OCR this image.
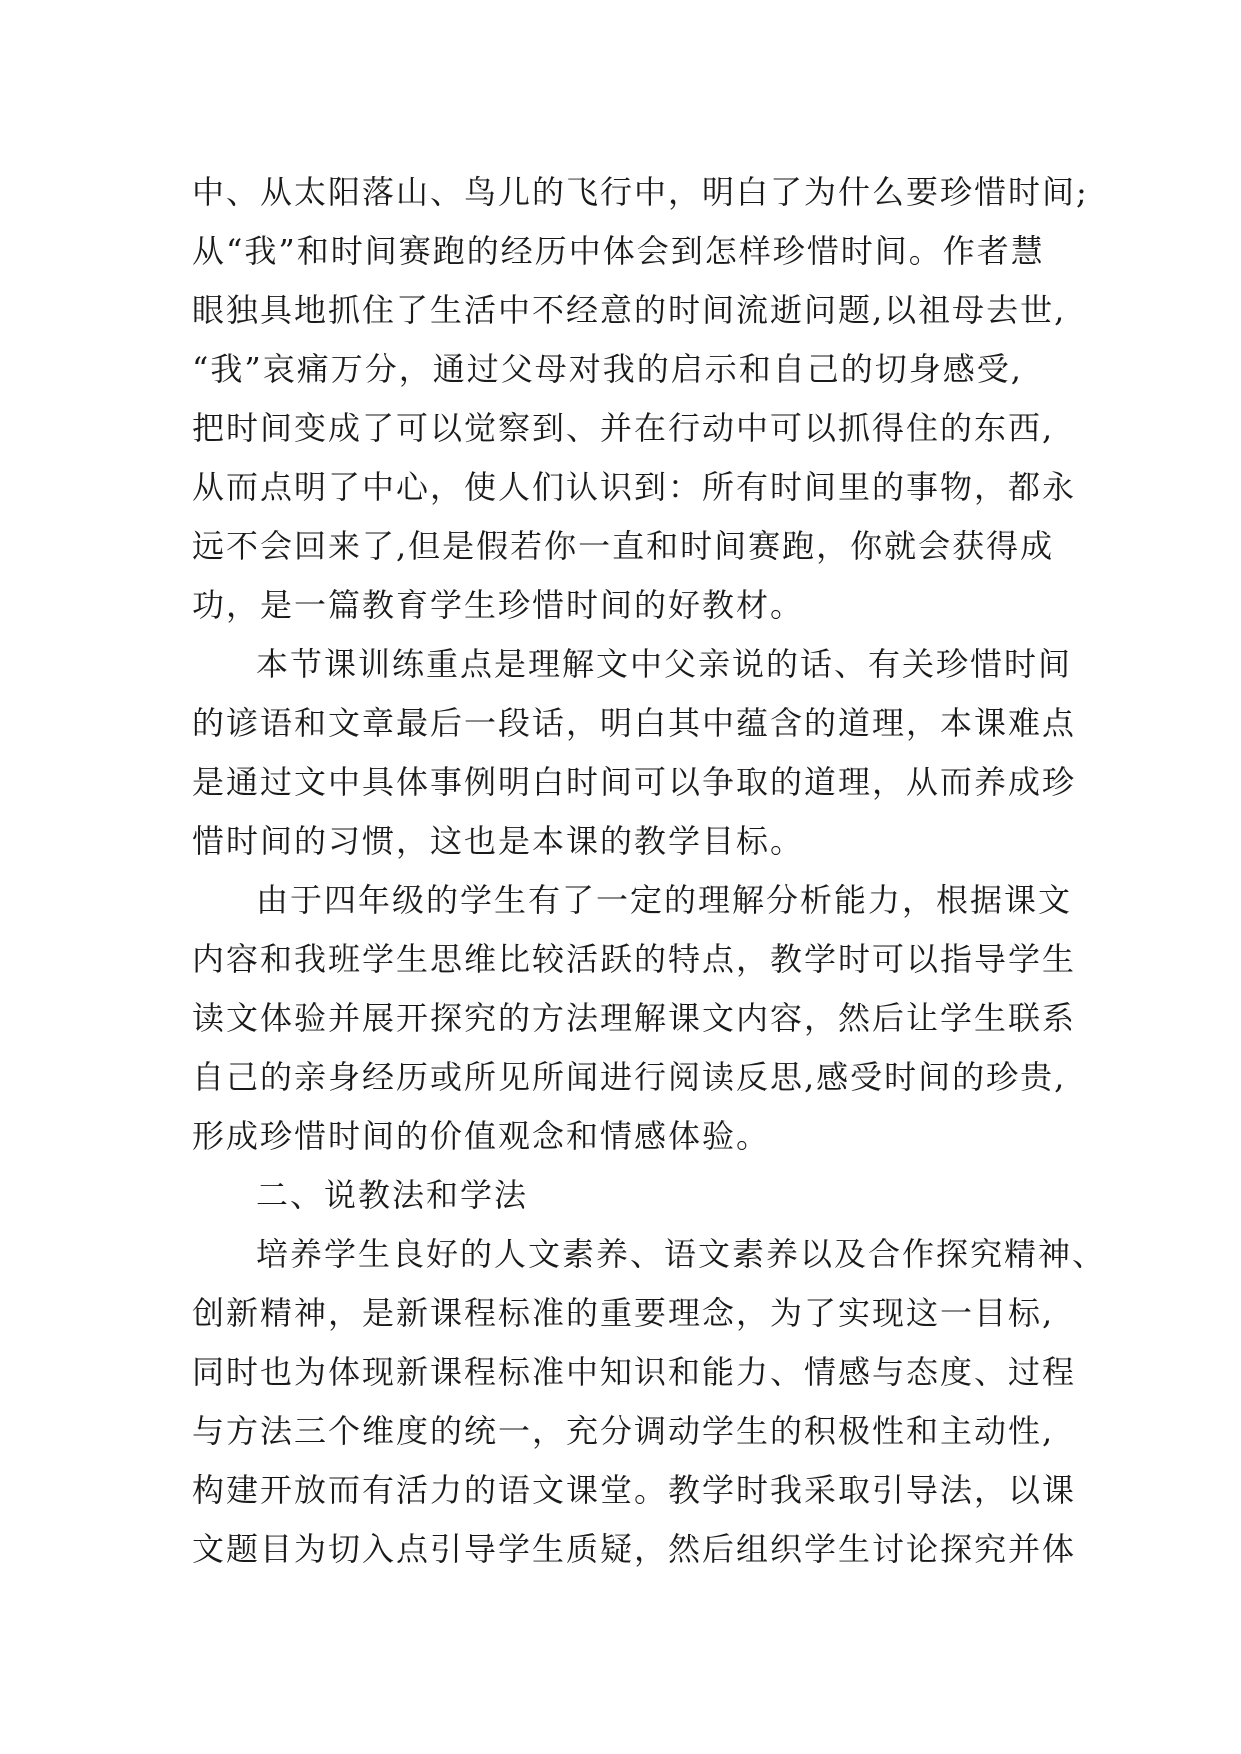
中、从太阳落山、鸟儿的飞行中，明白了为什么要珍惜时间;
从“我”和时间赛跑的经历中体会到怎样珍惜时间。作者慧
眼独具地抓住了生活中不经意的时间流逝问题,以祖母去世,
“我”哀痛万分，通过父母对我的启示和自己的切身感受,
把时间变成了可以觉察到、并在行动中可以抓得住的东西,
从而点明了中心，使人们认识到：所有时间里的事物，都永
远不会回来了,但是假若你一直和时间赛跑，你就会获得成
功，是一篇教育学生珍惜时间的好教材。
本节课训练重点是理解文中父亲说的话、有关珍惜时间
的谚语和文章最后一段话，明白其中蕴含的道理，本课难点
是通过文中具体事例明白时间可以争取的道理，从而养成珍
惜时间的习惯，这也是本课的教学目标。
由于四年级的学生有了一定的理解分析能力，根据课文
内容和我班学生思维比较活跃的特点，教学时可以指导学生
读文体验并展开探究的方法理解课文内容，然后让学生联系
自己的亲身经历或所见所闻进行阅读反思,感受时间的珍贵,
形成珍惜时间的价值观念和情感体验。
二、说教法和学法
培养学生良好的人文素养、语文素养以及合作探究精神、
创新精神，是新课程标准的重要理念，为了实现这一目标,
同时也为体现新课程标准中知识和能力、情感与态度、过程
与方法三个维度的统一，充分调动学生的积极性和主动性,
构建开放而有活力的语文课堂。教学时我采取引导法，以课
文题目为切入点引导学生质疑，然后组织学生讨论探究并体
